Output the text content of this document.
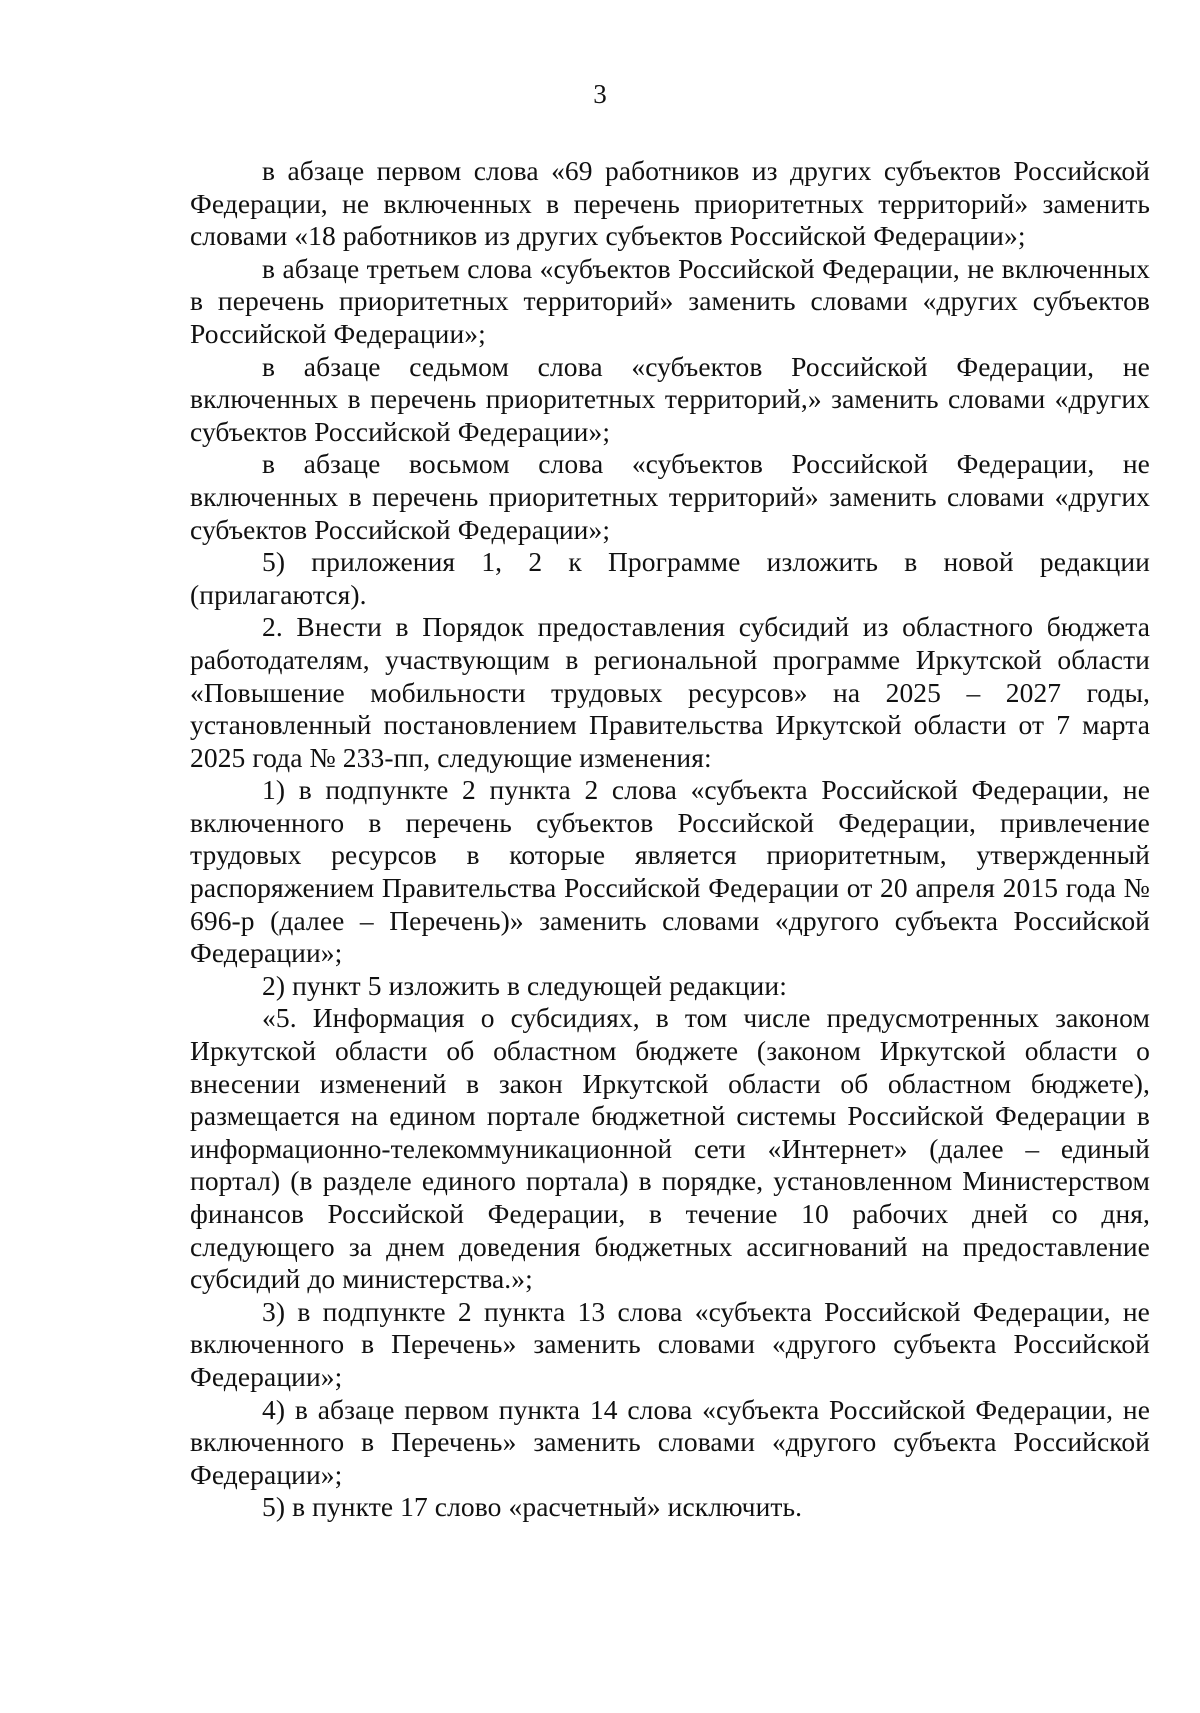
3

в абзаце первом слова «69 работников из других субъектов Российской Федерации, не включенных в перечень приоритетных территорий» заменить словами «18 работников из других субъектов Российской Федерации»;

в абзаце третьем слова «субъектов Российской Федерации, не включенных в перечень приоритетных территорий» заменить словами «других субъектов Российской Федерации»;

в абзаце седьмом слова «субъектов Российской Федерации, не включенных в перечень приоритетных территорий,» заменить словами «других субъектов Российской Федерации»;

в абзаце восьмом слова «субъектов Российской Федерации, не включенных в перечень приоритетных территорий» заменить словами «других субъектов Российской Федерации»;

5) приложения 1, 2 к Программе изложить в новой редакции (прилагаются).

2. Внести в Порядок предоставления субсидий из областного бюджета работодателям, участвующим в региональной программе Иркутской области «Повышение мобильности трудовых ресурсов» на 2025 – 2027 годы, установленный постановлением Правительства Иркутской области от 7 марта 2025 года № 233-пп, следующие изменения:

1) в подпункте 2 пункта 2 слова «субъекта Российской Федерации, не включенного в перечень субъектов Российской Федерации, привлечение трудовых ресурсов в которые является приоритетным, утвержденный распоряжением Правительства Российской Федерации от 20 апреля 2015 года № 696-р (далее – Перечень)» заменить словами «другого субъекта Российской Федерации»;

2) пункт 5 изложить в следующей редакции:

«5. Информация о субсидиях, в том числе предусмотренных законом Иркутской области об областном бюджете (законом Иркутской области о внесении изменений в закон Иркутской области об областном бюджете), размещается на едином портале бюджетной системы Российской Федерации в информационно-телекоммуникационной сети «Интернет» (далее – единый портал) (в разделе единого портала) в порядке, установленном Министерством финансов Российской Федерации, в течение 10 рабочих дней со дня, следующего за днем доведения бюджетных ассигнований на предоставление субсидий до министерства.»;

3) в подпункте 2 пункта 13 слова «субъекта Российской Федерации, не включенного в Перечень» заменить словами «другого субъекта Российской Федерации»;

4) в абзаце первом пункта 14 слова «субъекта Российской Федерации, не включенного в Перечень» заменить словами «другого субъекта Российской Федерации»;

5) в пункте 17 слово «расчетный» исключить.
